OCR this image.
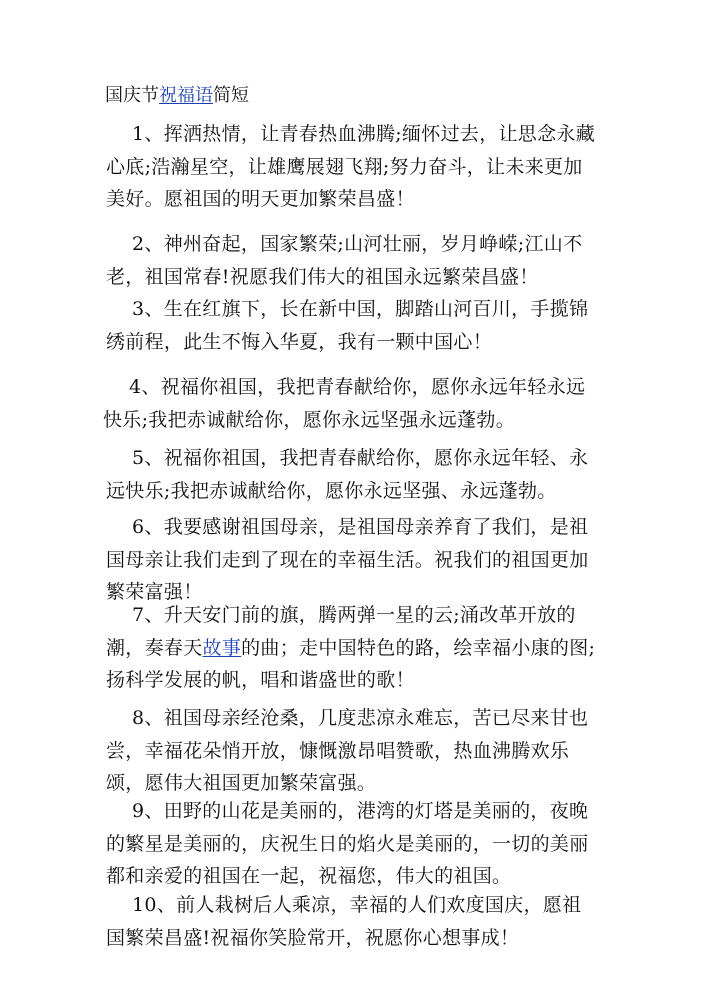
国庆节祝福语简短

1、挥洒热情，让青春热血沸腾;缅怀过去，让思念永藏心底;浩瀚星空，让雄鹰展翅飞翔;努力奋斗，让未来更加美好。愿祖国的明天更加繁荣昌盛！

2、神州奋起，国家繁荣;山河壮丽，岁月峥嵘;江山不老，祖国常春!祝愿我们伟大的祖国永远繁荣昌盛！

3、生在红旗下，长在新中国，脚踏山河百川，手揽锦绣前程，此生不悔入华夏，我有一颗中国心！

4、祝福你祖国，我把青春献给你，愿你永远年轻永远快乐;我把赤诚献给你，愿你永远坚强永远蓬勃。

5、祝福你祖国，我把青春献给你，愿你永远年轻、永远快乐;我把赤诚献给你，愿你永远坚强、永远蓬勃。

6、我要感谢祖国母亲，是祖国母亲养育了我们，是祖国母亲让我们走到了现在的幸福生活。祝我们的祖国更加繁荣富强！

7、升天安门前的旗，腾两弹一星的云;涌改革开放的潮，奏春天故事的曲；走中国特色的路，绘幸福小康的图;扬科学发展的帆，唱和谐盛世的歌！

8、祖国母亲经沧桑，几度悲凉永难忘，苦已尽来甘也尝，幸福花朵悄开放，慷慨激昂唱赞歌，热血沸腾欢乐颂，愿伟大祖国更加繁荣富强。

9、田野的山花是美丽的，港湾的灯塔是美丽的，夜晚的繁星是美丽的，庆祝生日的焰火是美丽的，一切的美丽都和亲爱的祖国在一起，祝福您，伟大的祖国。

10、前人栽树后人乘凉，幸福的人们欢度国庆，愿祖国繁荣昌盛!祝福你笑脸常开，祝愿你心想事成！
